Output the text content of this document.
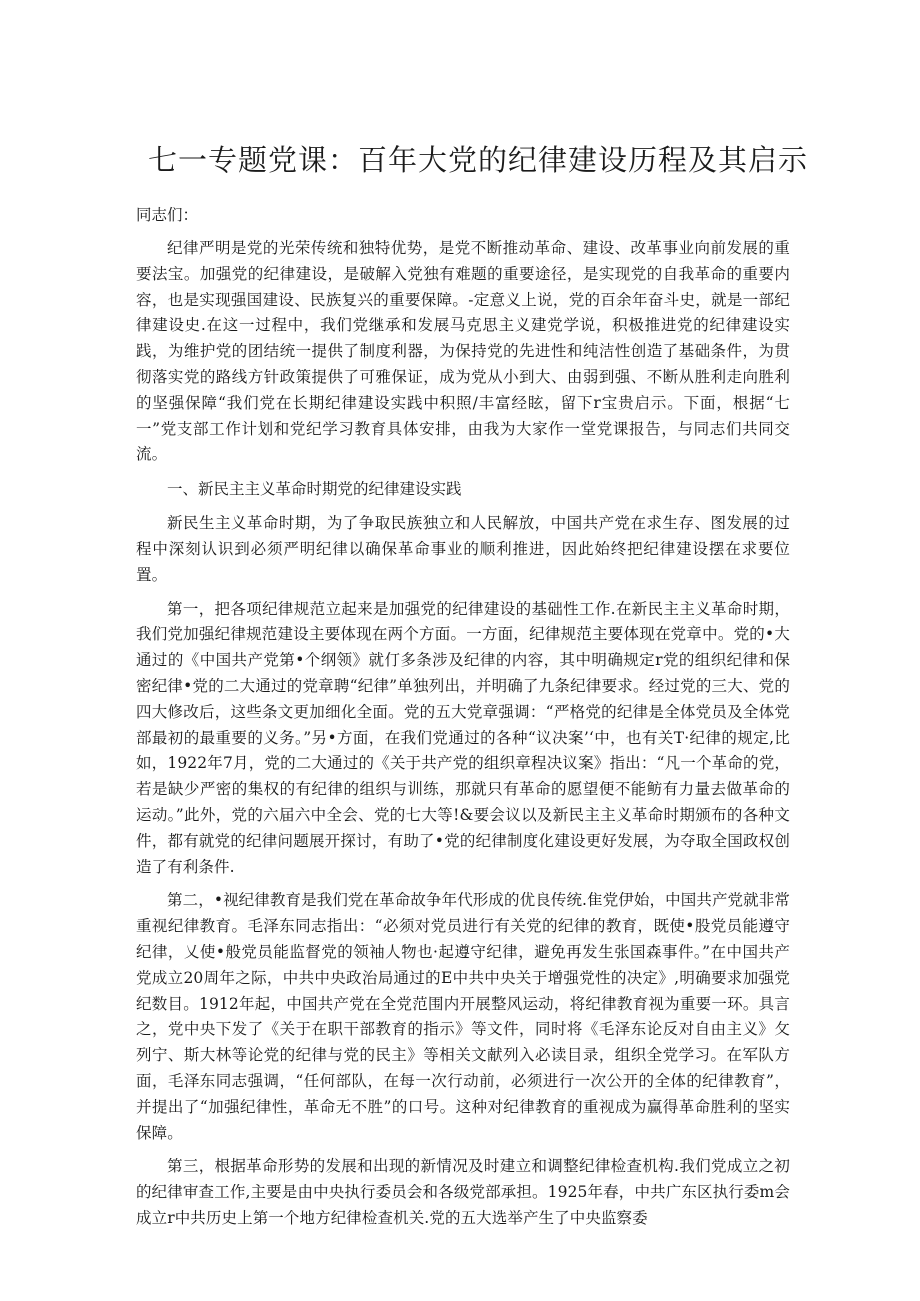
七一专题党课：百年大党的纪律建设历程及其启示

同志们：

纪律严明是党的光荣传统和独特优势，是党不断推动革命、建设、改革事业向前发展的重要法宝。加强党的纪律建设，是破解入党独有难题的重要途径，是实现党的自我革命的重要内容，也是实现强国建设、民族复兴的重要保障。-定意义上说，党的百余年奋斗史，就是一部纪律建设史.在这一过程中，我们党继承和发展马克思主义建党学说，积极推进党的纪律建设实践，为维护党的团结统一提供了制度利器，为保持党的先进性和纯洁性创造了基础条件，为贯彻落实党的路线方针政策提供了可雅保证，成为党从小到大、由弱到强、不断从胜利走向胜利的坚强保障“我们党在长期纪律建设实践中积照/丰富经眩，留下r宝贵启示。下面，根据“七一”党支部工作计划和党纪学习教育具体安排，由我为大家作一堂党课报告，与同志们共同交流。

一、新民主主义革命时期党的纪律建设实践

新民生主义革命时期，为了争取民族独立和人民解放，中国共产党在求生存、图发展的过程中深刻认识到必须严明纪律以确保革命事业的顺利推进，因此始终把纪律建设摆在求要位置。

第一，把各项纪律规范立起来是加强党的纪律建设的基础性工作.在新民主主义革命时期，我们党加强纪律规范建设主要体现在两个方面。一方面，纪律规范主要体现在党章中。党的•大通过的《中国共产党第•个纲领》就仃多条涉及纪律的内容，其中明确规定r党的组织纪律和保密纪律•党的二大通过的党章聘“纪律”单独列出，并明确了九条纪律要求。经过党的三大、党的四大修改后，这些条文更加细化全面。党的五大党章强调：“严格党的纪律是全体党员及全体党部最初的最重要的义务。”另•方面，在我们党通过的各种“议决案’‘中，也有关T·纪律的规定,比如，1922年7月，党的二大通过的《关于共产党的组织章程决议案》指出：“凡一个革命的党，若是缺少严密的集权的有纪律的组织与训练，那就只有革命的愿望便不能鲂有力量去做革命的运动。”此外，党的六届六中全会、党的七大等!&要会议以及新民主主义革命时期颁布的各种文件，都有就党的纪律问题展开探讨，有助了•党的纪律制度化建设更好发展，为夺取全国政权创造了有利条件.

第二，•视纪律教育是我们党在革命故争年代形成的优良传统.隹党伊始，中国共产党就非常重视纪律教育。毛泽东同志指出：“必须对党员进行有关党的纪律的教育，既使•股党员能遵守纪律，乂使•般党员能监督党的领袖人物也·起遵守纪律，避免再发生张国森事件。”在中国共产党成立20周年之际，中共中央政治局通过的E中共中央关于增强党性的决定》,明确要求加强党纪数目。1912年起，中国共产党在全党范围内开展整风运动，将纪律教育视为重要一环。具言之，党中央下发了《关于在职干部教育的指示》等文件，同时将《毛泽东论反对自由主义》攵列宁、斯大林等论党的纪律与党的民主》等相关文献列入必读目录，组织全党学习。在军队方面，毛泽东同志强调，“任何部队，在每一次行动前，必须进行一次公开的全体的纪律教育”，并提出了“加强纪律性，革命无不胜”的口号。这种对纪律教育的重视成为赢得革命胜利的坚实保障。

第三，根据革命形势的发展和出现的新情况及时建立和调整纪律检查机构.我们党成立之初的纪律审查工作,主要是由中央执行委员会和各级党部承担。1925年春，中共广东区执行委m会成立r中共历史上第一个地方纪律检查机关.党的五大选举产生了中央监察委
